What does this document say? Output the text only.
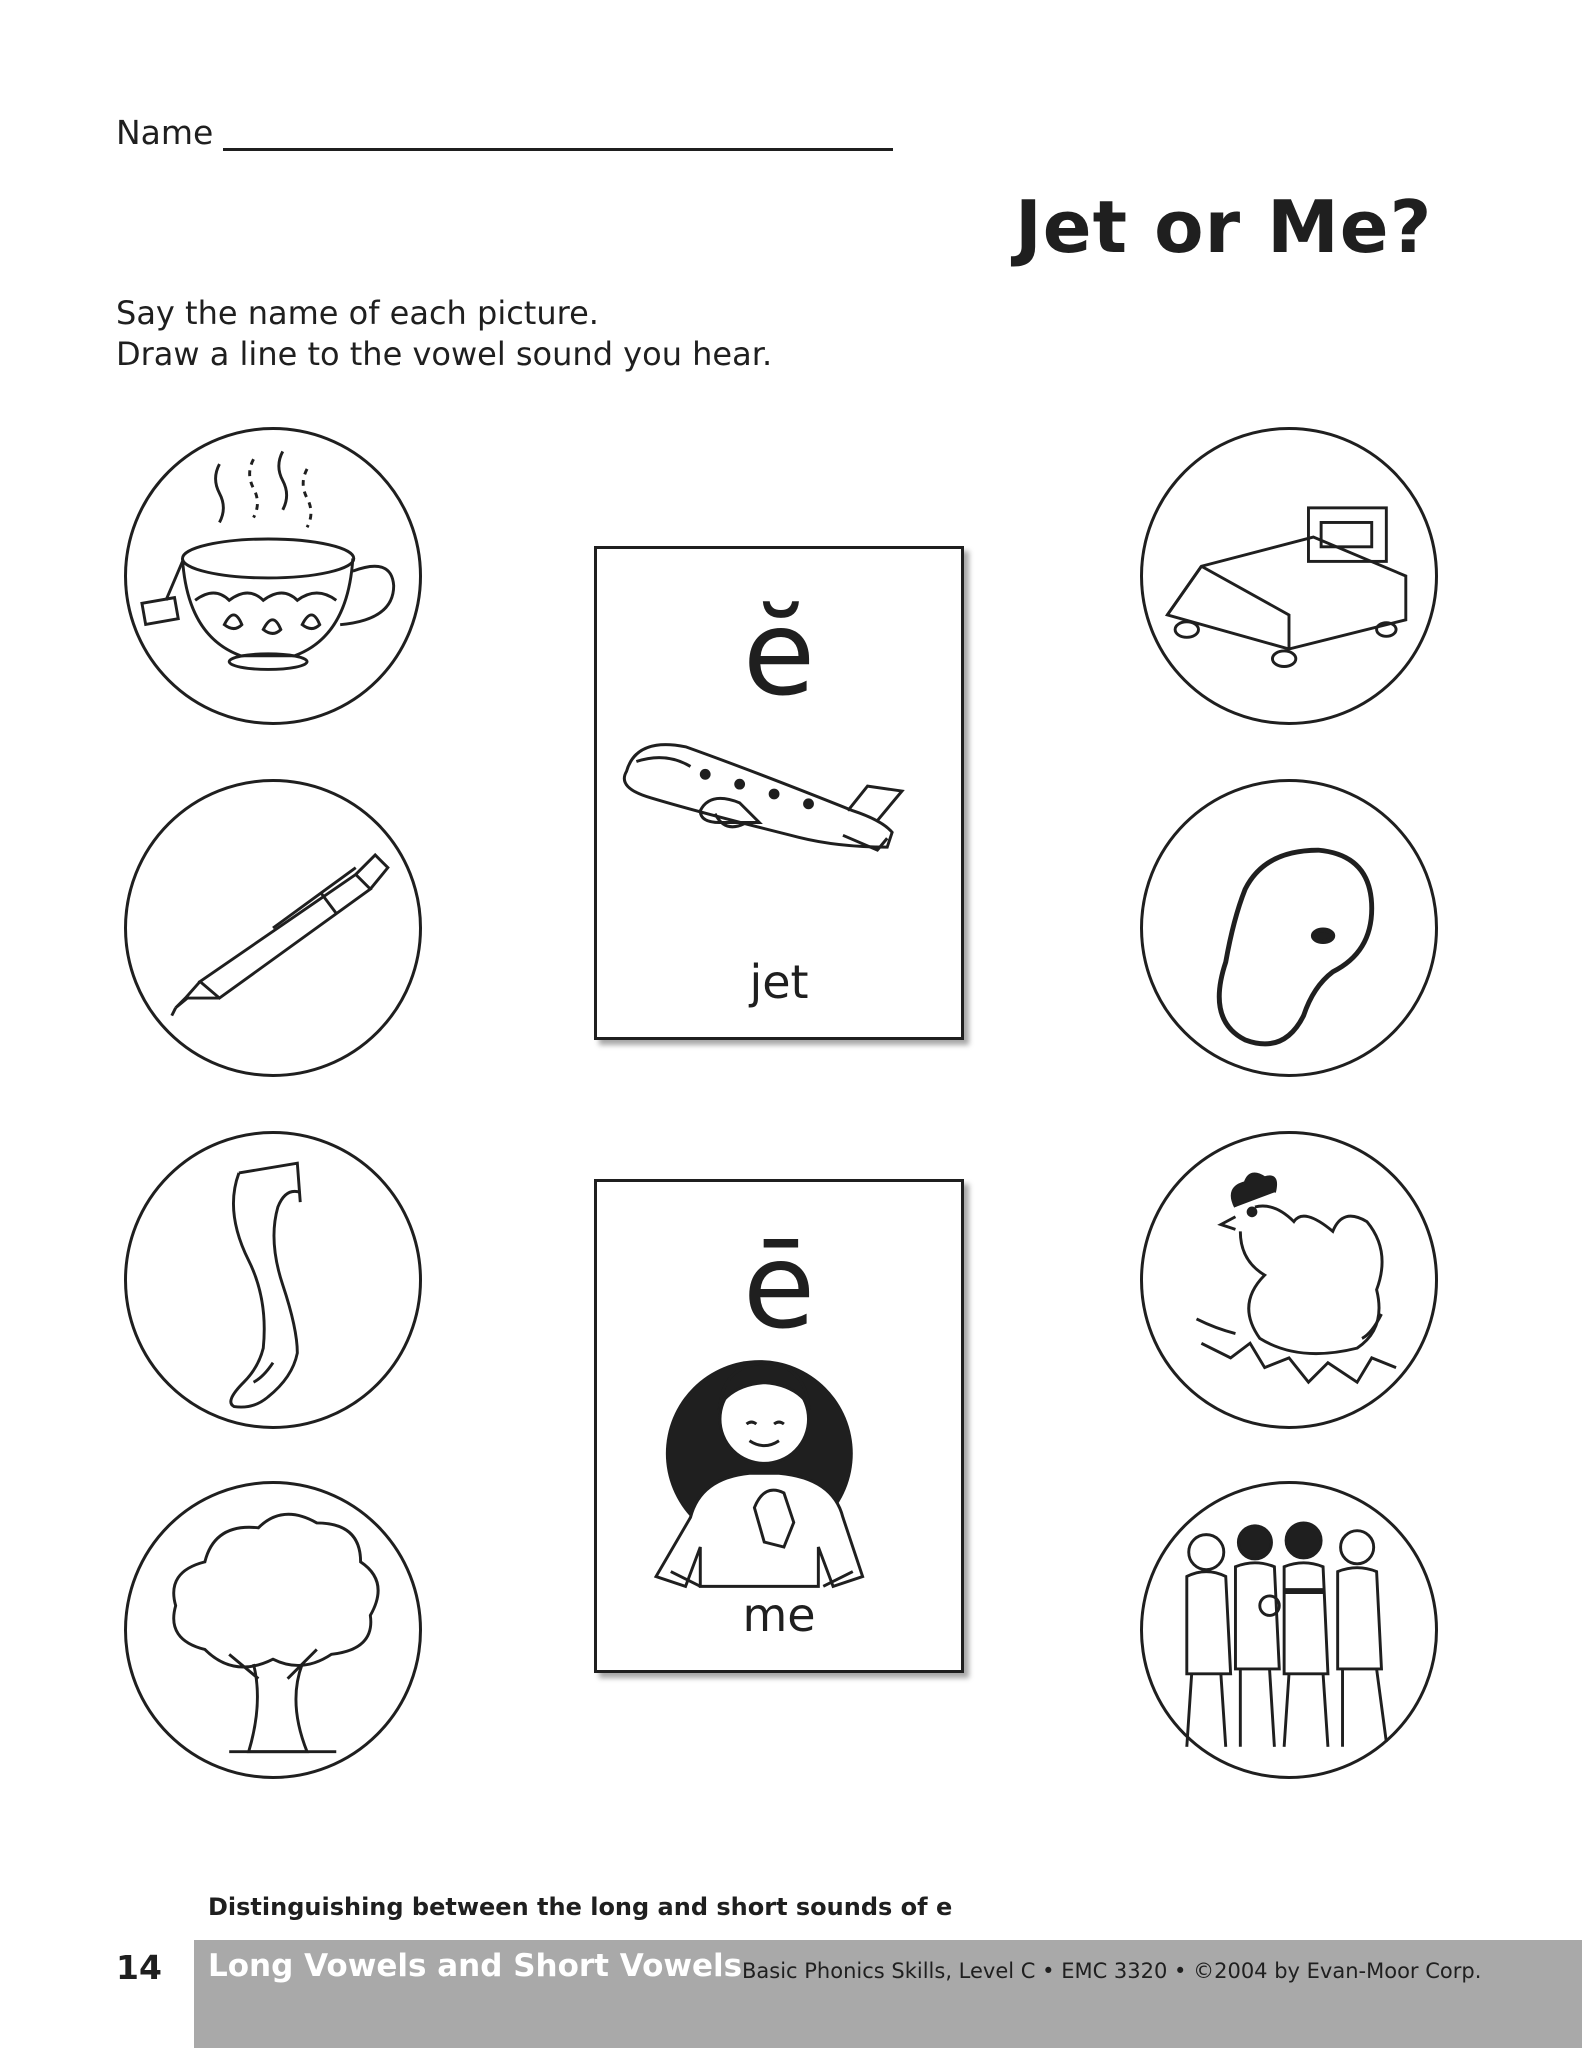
Name
Jet or Me?
Say the name of each picture.
Draw a line to the vowel sound you hear.
ĕ
jet
ē
me
Distinguishing between the long and short sounds of e
14 Long Vowels and Short Vowels Basic Phonics Skills, Level C • EMC 3320 • ©2004 by Evan-Moor Corp.
